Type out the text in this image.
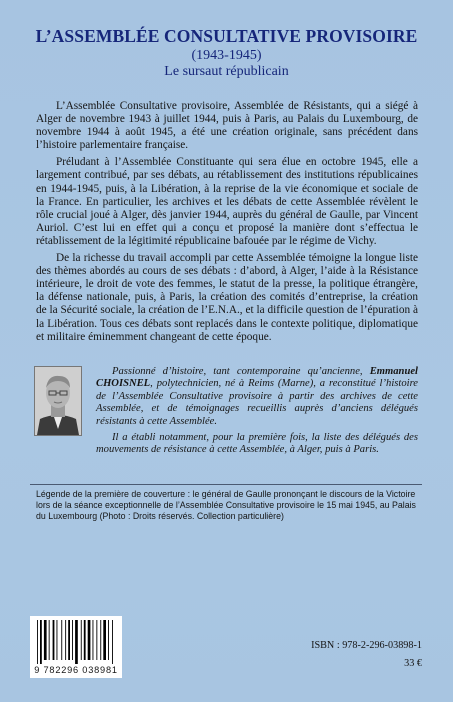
L’ASSEMBLÉE CONSULTATIVE PROVISOIRE
(1943-1945)
Le sursaut républicain

L’Assemblée Consultative provisoire, Assemblée de Résistants, qui a siégé à Alger de novembre 1943 à juillet 1944, puis à Paris, au Palais du Luxembourg, de novembre 1944 à août 1945, a été une création originale, sans précédent dans l’histoire parlementaire française.

Préludant à l’Assemblée Constituante qui sera élue en octobre 1945, elle a largement contribué, par ses débats, au rétablissement des institutions républicaines en 1944-1945, puis, à la Libération, à la reprise de la vie économique et sociale de la France. En particulier, les archives et les débats de cette Assemblée révèlent le rôle crucial joué à Alger, dès janvier 1944, auprès du général de Gaulle, par Vincent Auriol. C’est lui en effet qui a conçu et proposé la manière dont s’effectua le rétablissement de la légitimité républicaine bafouée par le régime de Vichy.

De la richesse du travail accompli par cette Assemblée témoigne la longue liste des thèmes abordés au cours de ses débats : d’abord, à Alger, l’aide à la Résistance intérieure, le droit de vote des femmes, le statut de la presse, la politique étrangère, la défense nationale, puis, à Paris, la création des comités d’entreprise, la création de la Sécurité sociale, la création de l’E.N.A., et la difficile question de l’épuration à la Libération. Tous ces débats sont replacés dans le contexte politique, diplomatique et militaire éminemment changeant de cette époque.

Passionné d’histoire, tant contemporaine qu’ancienne, Emmanuel CHOISNEL, polytechnicien, né à Reims (Marne), a reconstitué l’histoire de l’Assemblée Consultative provisoire à partir des archives de cette Assemblée, et de témoignages recueillis auprès d’anciens délégués résistants à cette Assemblée.

Il a établi notamment, pour la première fois, la liste des délégués des mouvements de résistance à cette Assemblée, à Alger, puis à Paris.

Légende de la première de couverture : le général de Gaulle prononçant le discours de la Victoire lors de la séance exceptionnelle de l’Assemblée Consultative provisoire le 15 mai 1945, au Palais du Luxembourg (Photo : Droits réservés. Collection particulière)
9 782296 038981
ISBN : 978-2-296-03898-1
33 €
